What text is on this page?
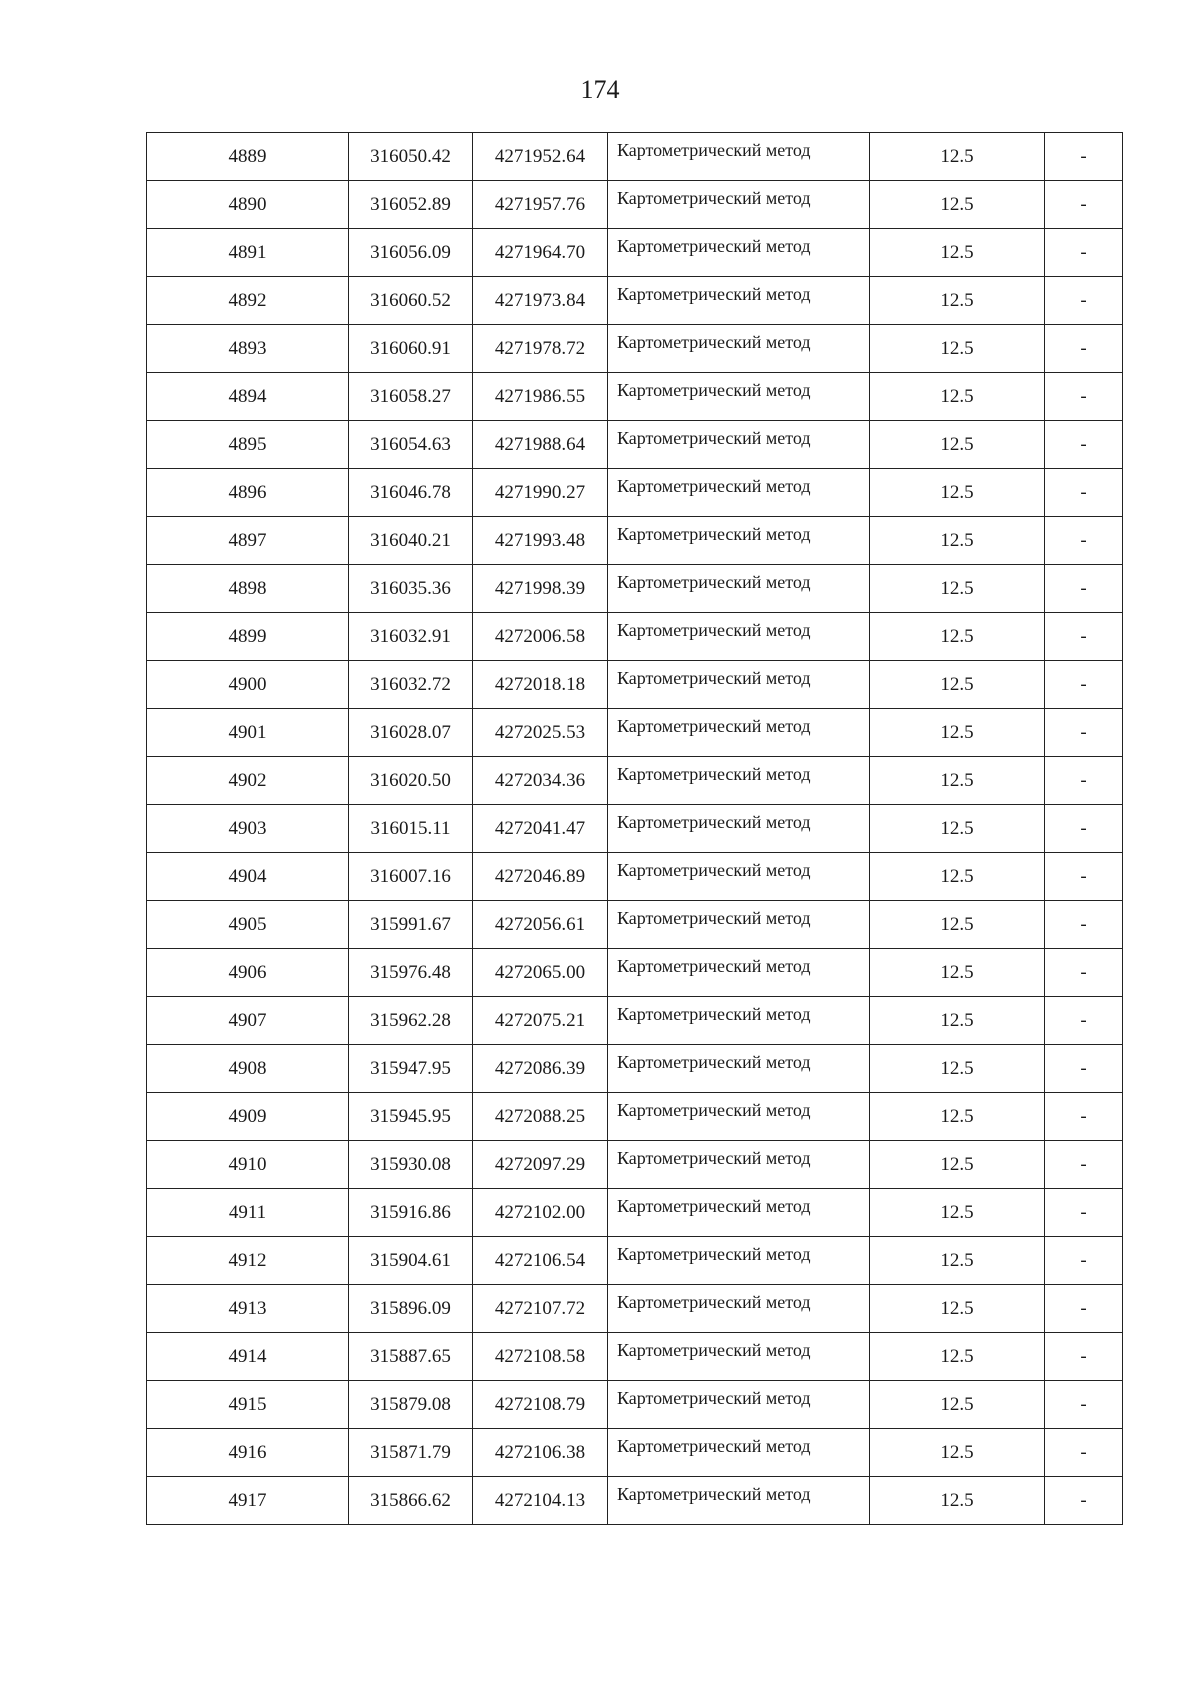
174
4889	316050.42	4271952.64	Картометрический метод	12.5	-
4890	316052.89	4271957.76	Картометрический метод	12.5	-
4891	316056.09	4271964.70	Картометрический метод	12.5	-
4892	316060.52	4271973.84	Картометрический метод	12.5	-
4893	316060.91	4271978.72	Картометрический метод	12.5	-
4894	316058.27	4271986.55	Картометрический метод	12.5	-
4895	316054.63	4271988.64	Картометрический метод	12.5	-
4896	316046.78	4271990.27	Картометрический метод	12.5	-
4897	316040.21	4271993.48	Картометрический метод	12.5	-
4898	316035.36	4271998.39	Картометрический метод	12.5	-
4899	316032.91	4272006.58	Картометрический метод	12.5	-
4900	316032.72	4272018.18	Картометрический метод	12.5	-
4901	316028.07	4272025.53	Картометрический метод	12.5	-
4902	316020.50	4272034.36	Картометрический метод	12.5	-
4903	316015.11	4272041.47	Картометрический метод	12.5	-
4904	316007.16	4272046.89	Картометрический метод	12.5	-
4905	315991.67	4272056.61	Картометрический метод	12.5	-
4906	315976.48	4272065.00	Картометрический метод	12.5	-
4907	315962.28	4272075.21	Картометрический метод	12.5	-
4908	315947.95	4272086.39	Картометрический метод	12.5	-
4909	315945.95	4272088.25	Картометрический метод	12.5	-
4910	315930.08	4272097.29	Картометрический метод	12.5	-
4911	315916.86	4272102.00	Картометрический метод	12.5	-
4912	315904.61	4272106.54	Картометрический метод	12.5	-
4913	315896.09	4272107.72	Картометрический метод	12.5	-
4914	315887.65	4272108.58	Картометрический метод	12.5	-
4915	315879.08	4272108.79	Картометрический метод	12.5	-
4916	315871.79	4272106.38	Картометрический метод	12.5	-
4917	315866.62	4272104.13	Картометрический метод	12.5	-
